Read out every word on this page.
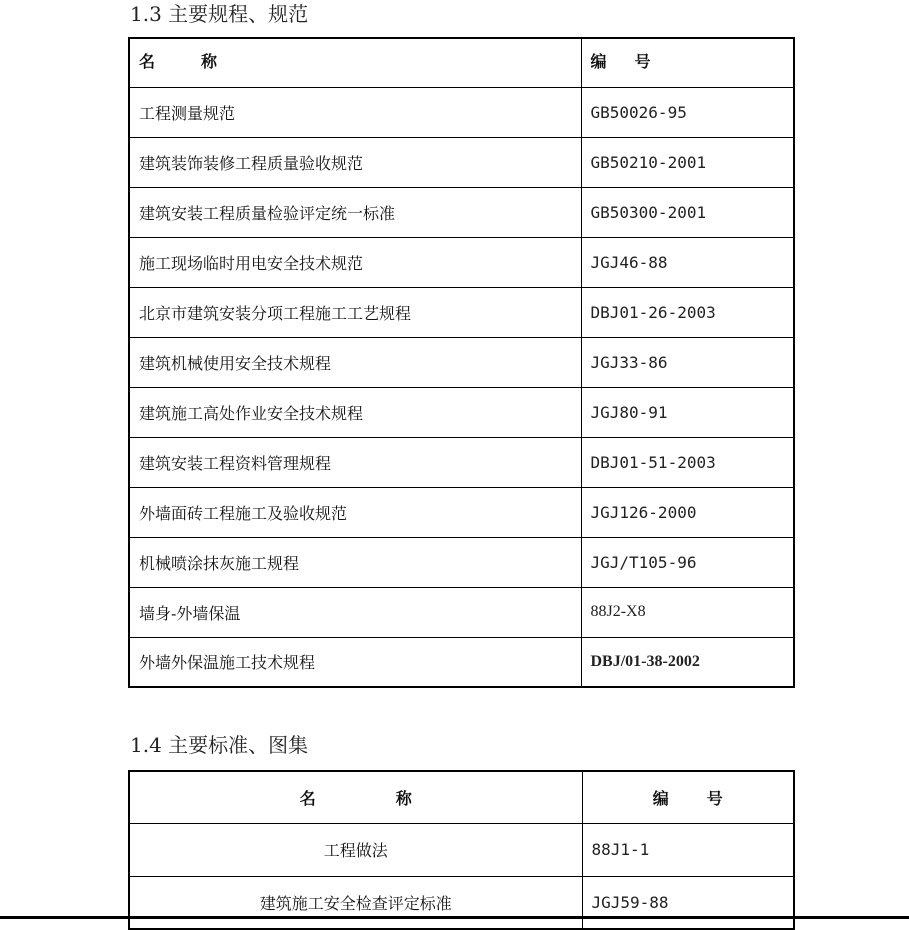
1.3 主要规程、规范
名 称	编 号
工程测量规范	GB50026-95
建筑装饰装修工程质量验收规范	GB50210-2001
建筑安装工程质量检验评定统一标准	GB50300-2001
施工现场临时用电安全技术规范	JGJ46-88
北京市建筑安装分项工程施工工艺规程	DBJ01-26-2003
建筑机械使用安全技术规程	JGJ33-86
建筑施工高处作业安全技术规程	JGJ80-91
建筑安装工程资料管理规程	DBJ01-51-2003
外墙面砖工程施工及验收规范	JGJ126-2000
机械喷涂抹灰施工规程	JGJ/T105-96
墙身-外墙保温	88J2-X8
外墙外保温施工技术规程	DBJ/01-38-2002
1.4 主要标准、图集
名 称	编 号
工程做法	88J1-1
建筑施工安全检查评定标准	JGJ59-88
